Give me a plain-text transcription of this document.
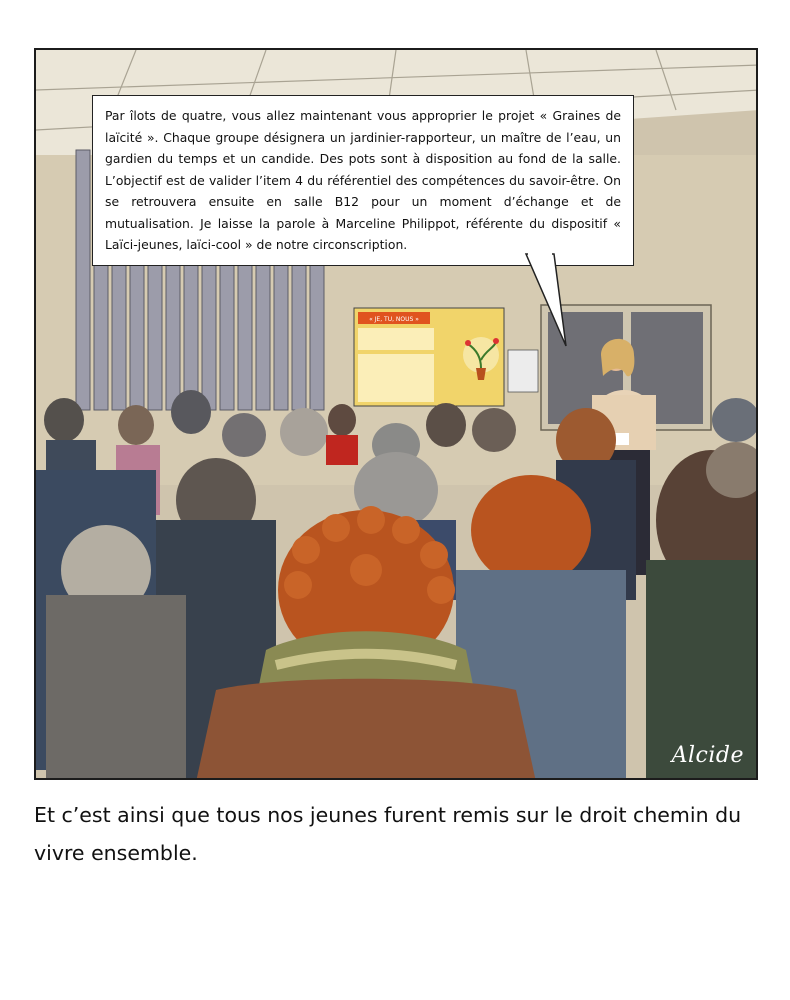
« JE, TU, NOUS »
Par îlots de quatre, vous allez maintenant vous approprier le projet « Graines de laïcité ». Chaque groupe désignera un jardinier-rapporteur, un maître de l’eau, un gardien du temps et un candide. Des pots sont à disposition au fond de la salle. L’objectif est de valider l’item 4 du référentiel des compétences du savoir-être. On se retrouvera ensuite en salle B12 pour un moment d’échange et de mutualisation. Je laisse la parole à Marceline Philippot, référente du dispositif « Laïci-jeunes, laïci-cool » de notre circonscription.
Alcide
Et c’est ainsi que tous nos jeunes furent remis sur le droit chemin du vivre ensemble.
